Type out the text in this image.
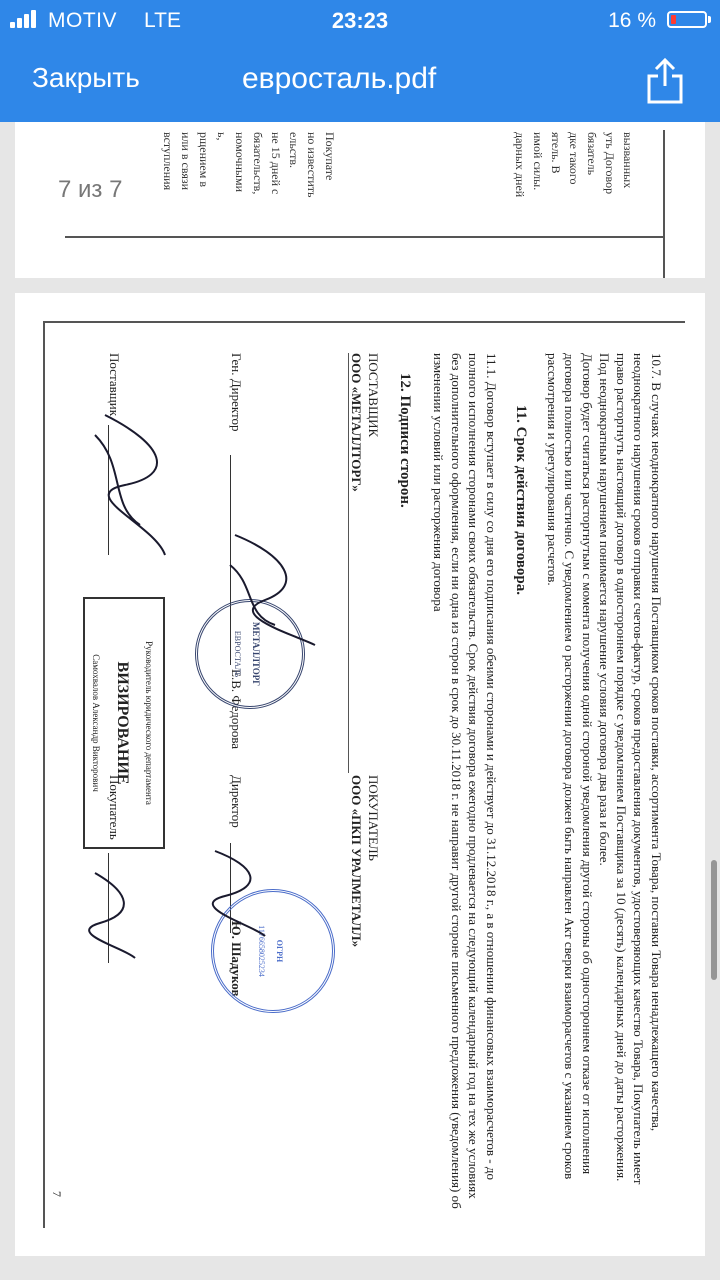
MOTIV LTE	23:23	16 %
Закрыть	евросталь.pdf
7 из 7	дарных дней имой силы. ятель. В дке такого бязатель уть Договор вызванных
вступления или в связи рщением в ь, номочными бязательств, не 15 дней с ельств. но известить Покупате

10.7. В случаях неоднократного нарушения Поставщиком сроков поставки, ассортимента Товара, поставки Товара ненадлежащего качества, неоднократного нарушения сроков отправки счетов-фактур, сроков предоставления документов, удостоверяющих качество Товара, Покупатель имеет право расторгнуть настоящий договор в одностороннем порядке с уведомлением Поставщика за 10 (десять) календарных дней до даты расторжения.

Под неоднократным нарушением понимается нарушение условия договора два раза и более.

Договор будет считаться расторгнутым с момента получения одной стороной уведомления другой стороны об одностороннем отказе от исполнения договора полностью или частично. С уведомлением о расторжении договора должен быть направлен Акт сверки взаиморасчетов с указанием сроков рассмотрения и урегулирования расчетов.

11. Срок действия договора.

11.1. Договор вступает в силу со дня его подписания обеими сторонами и действует до 31.12.2018 г., а в отношении финансовых взаиморасчетов - до полного исполнения сторонами своих обязательств. Срок действия договора ежегодно продлевается на следующий календарный год на тех же условиях без дополнительного оформления, если ни одна из сторон в срок до 30.11.2018 г. не направит другой стороне письменного предложения (уведомления) об изменении условий или расторжения договора

12. Подписи сторон.
ПОСТАВЩИК
ООО «МЕТАЛЛТОРГ»
ПОКУПАТЕЛЬ
ООО «ПКП УРАЛМЕТАЛЛ»
Ген. Директор
Е.В. Федорова
Директор
Ю. Шадуков
Поставщик
Покупатель
7
МЕТАЛЛТОРГ
ЕВРОСТАЛЬ
ОГРН
1176658025234
Руководитель юридического департамента
ВИЗИРОВАНИЕ
Самохвалов Александр Викторович
